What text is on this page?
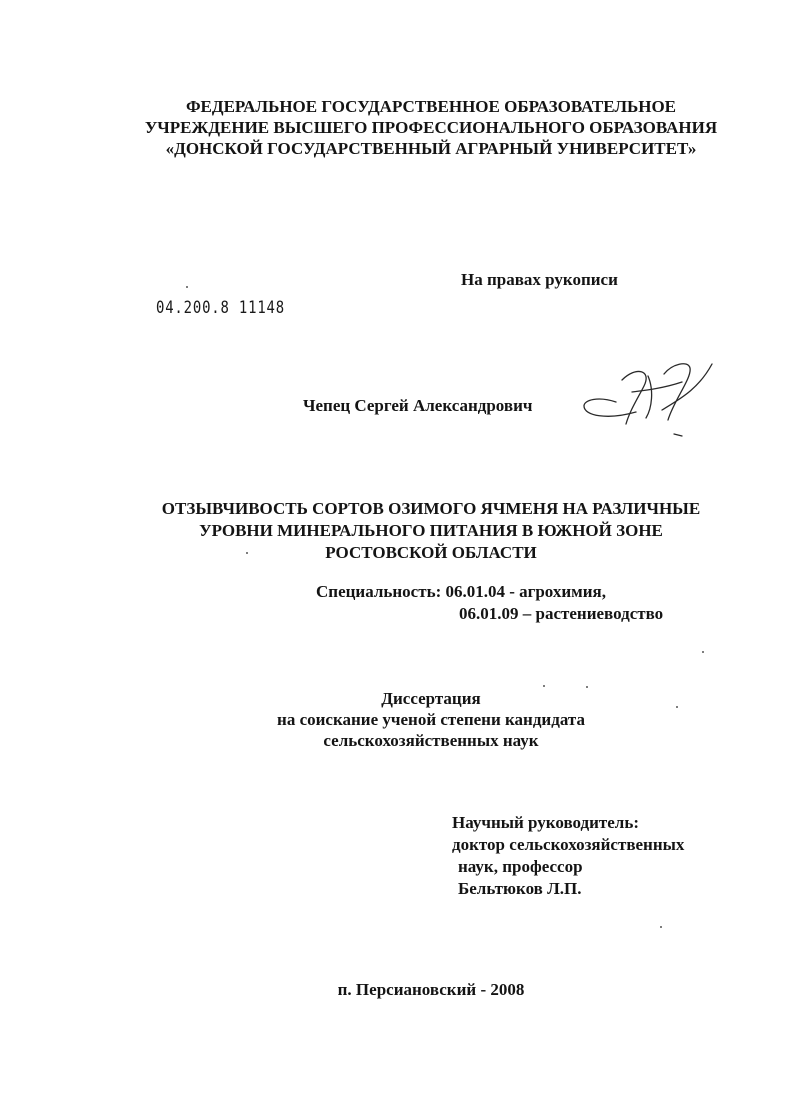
ФЕДЕРАЛЬНОЕ ГОСУДАРСТВЕННОЕ ОБРАЗОВАТЕЛЬНОЕ
УЧРЕЖДЕНИЕ ВЫСШЕГО ПРОФЕССИОНАЛЬНОГО ОБРАЗОВАНИЯ
«ДОНСКОЙ ГОСУДАРСТВЕННЫЙ АГРАРНЫЙ УНИВЕРСИТЕТ»
На правах рукописи
04.200.8 11148
Чепец Сергей Александрович
ОТЗЫВЧИВОСТЬ СОРТОВ ОЗИМОГО ЯЧМЕНЯ НА РАЗЛИЧНЫЕ
УРОВНИ МИНЕРАЛЬНОГО ПИТАНИЯ В ЮЖНОЙ ЗОНЕ
РОСТОВСКОЙ ОБЛАСТИ
Специальность: 06.01.04 - агрохимия,
06.01.09 – растениеводство
Диссертация
на соискание ученой степени кандидата
сельскохозяйственных наук
Научный руководитель:
доктор сельскохозяйственных
наук, профессор
Бельтюков Л.П.
п. Персиановский - 2008
